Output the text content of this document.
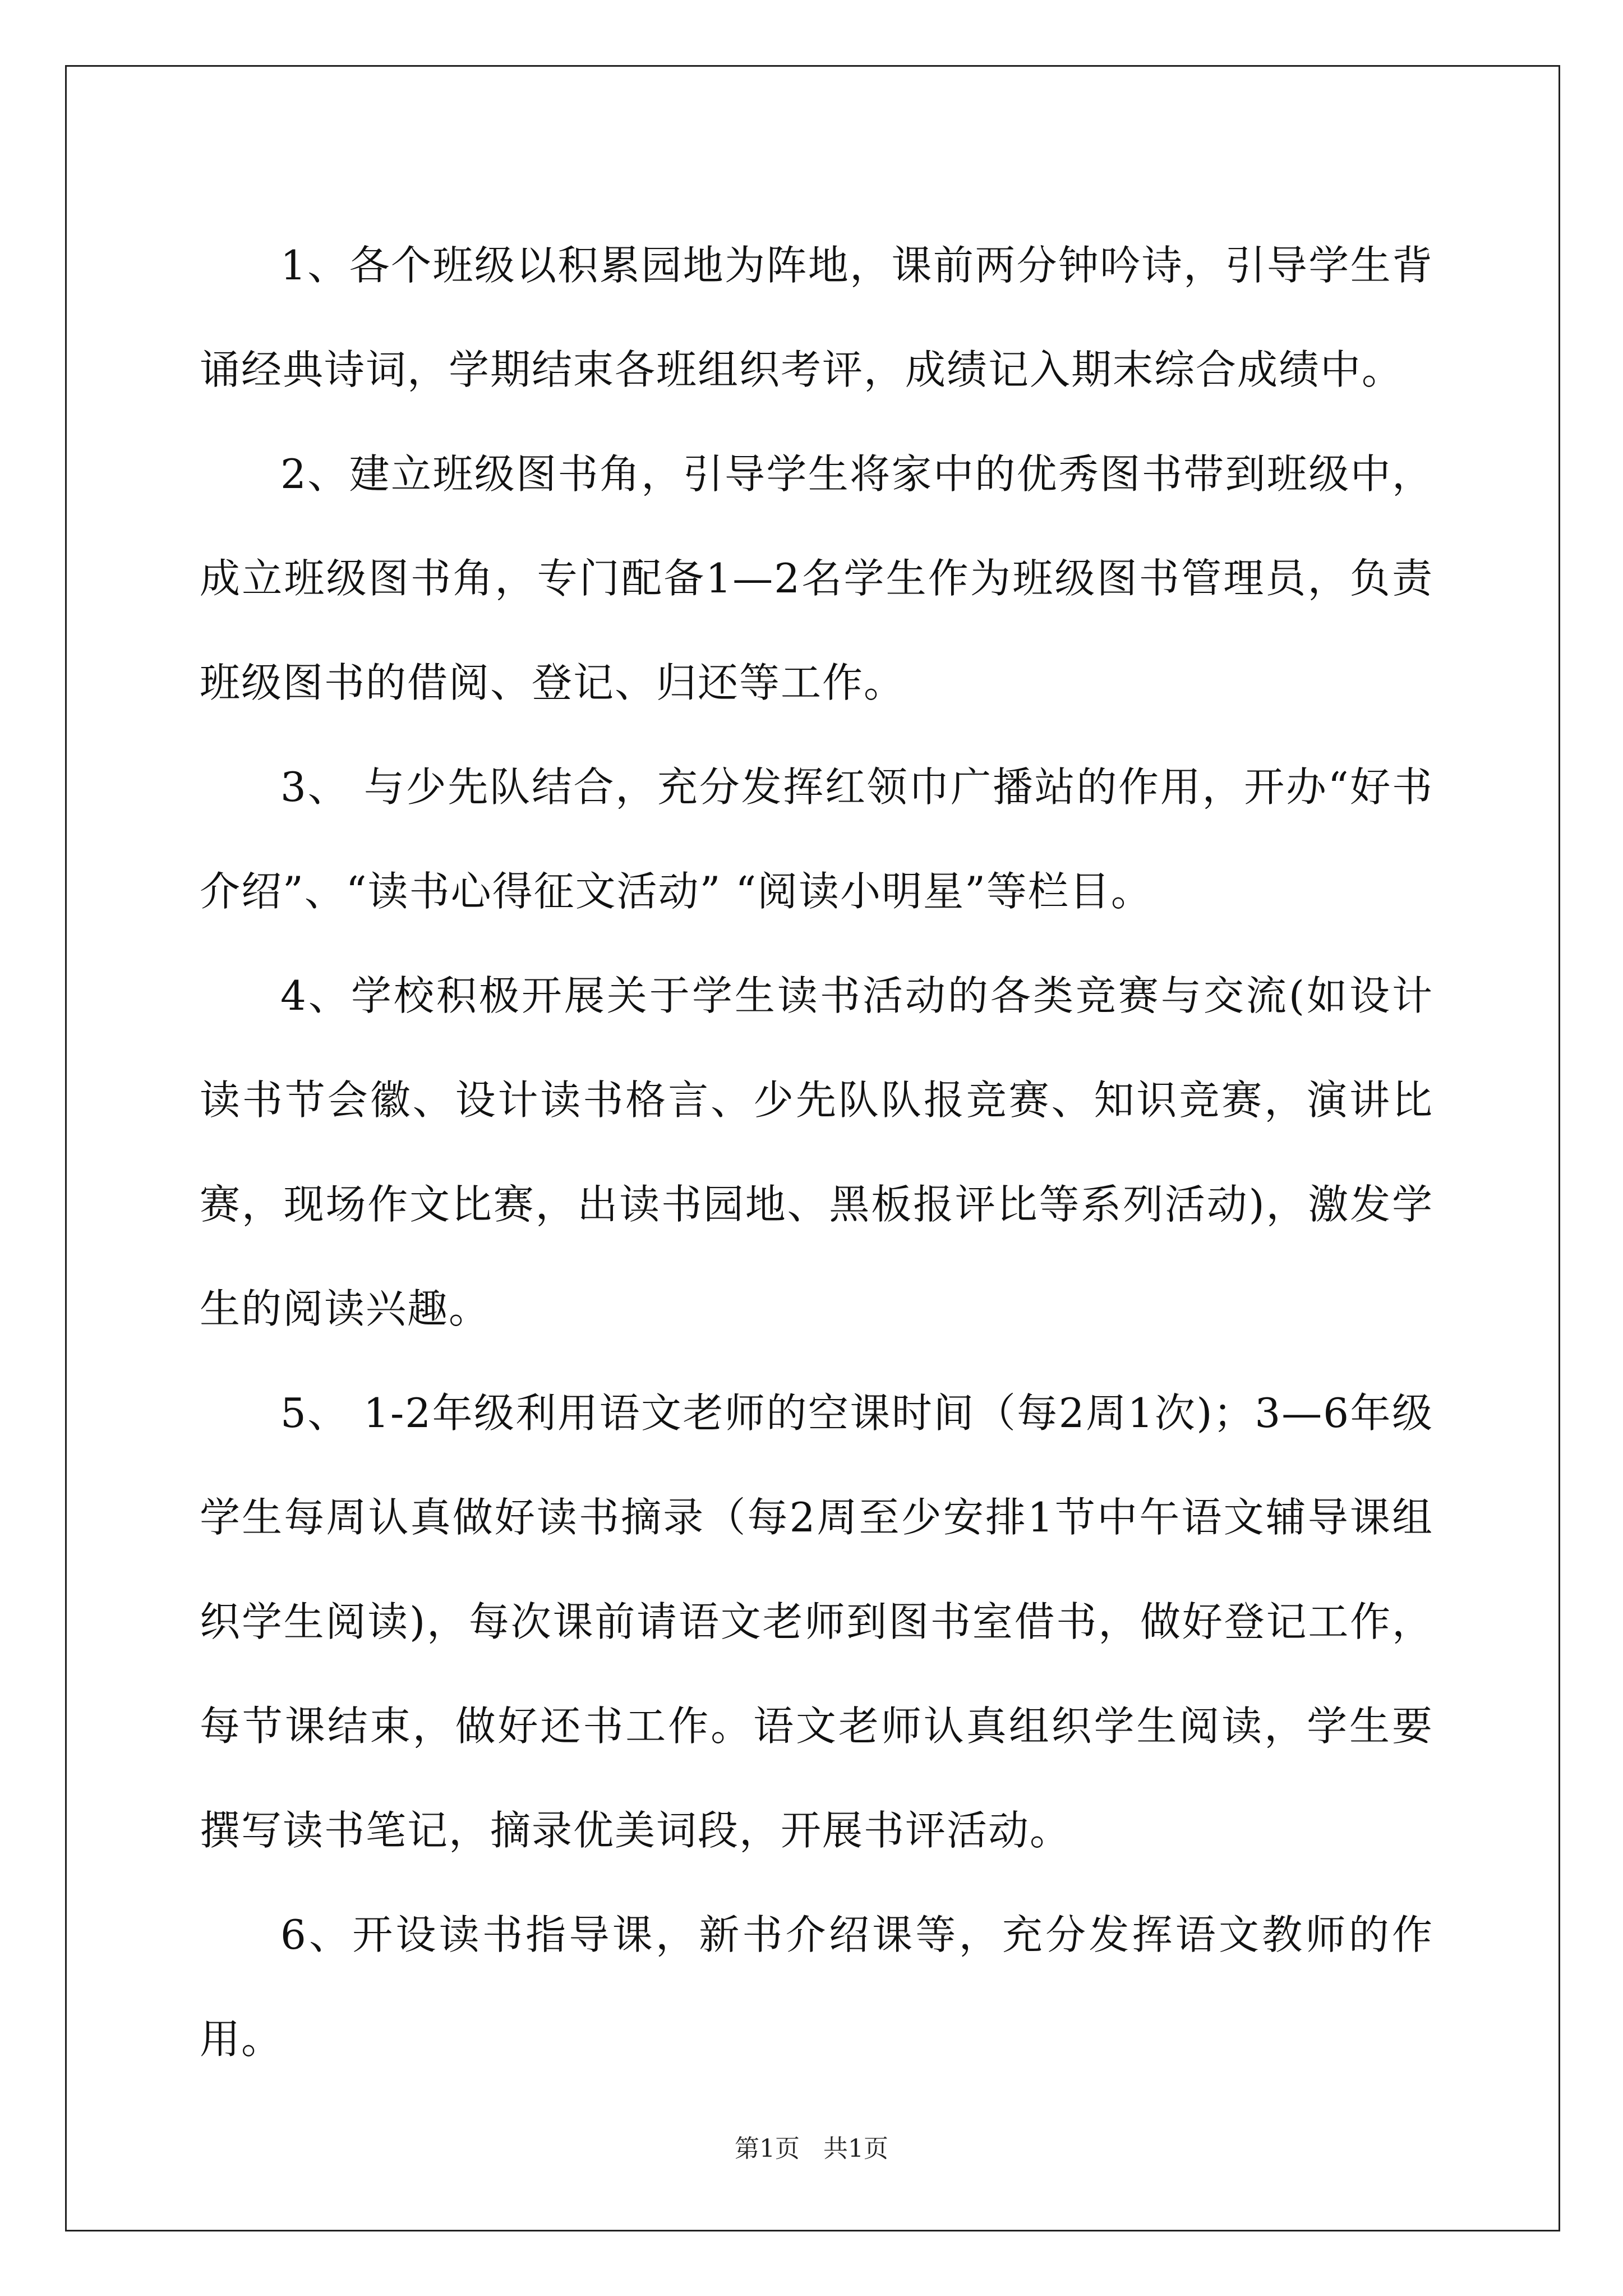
1、各个班级以积累园地为阵地，课前两分钟吟诗，引导学生背诵经典诗词，学期结束各班组织考评，成绩记入期末综合成绩中。

2、建立班级图书角，引导学生将家中的优秀图书带到班级中，成立班级图书角，专门配备1—2名学生作为班级图书管理员，负责班级图书的借阅、登记、归还等工作。

3、 与少先队结合，充分发挥红领巾广播站的作用，开办“好书介绍”、“读书心得征文活动” “阅读小明星”等栏目。

4、学校积极开展关于学生读书活动的各类竞赛与交流(如设计读书节会徽、设计读书格言、少先队队报竞赛、知识竞赛，演讲比赛，现场作文比赛，出读书园地、黑板报评比等系列活动)，激发学生的阅读兴趣。

5、 1-2年级利用语文老师的空课时间（每2周1次)；3—6年级学生每周认真做好读书摘录（每2周至少安排1节中午语文辅导课组织学生阅读)，每次课前请语文老师到图书室借书，做好登记工作，每节课结束，做好还书工作。语文老师认真组织学生阅读，学生要撰写读书笔记，摘录优美词段，开展书评活动。

6、开设读书指导课，新书介绍课等，充分发挥语文教师的作用。

第1页   共1页
